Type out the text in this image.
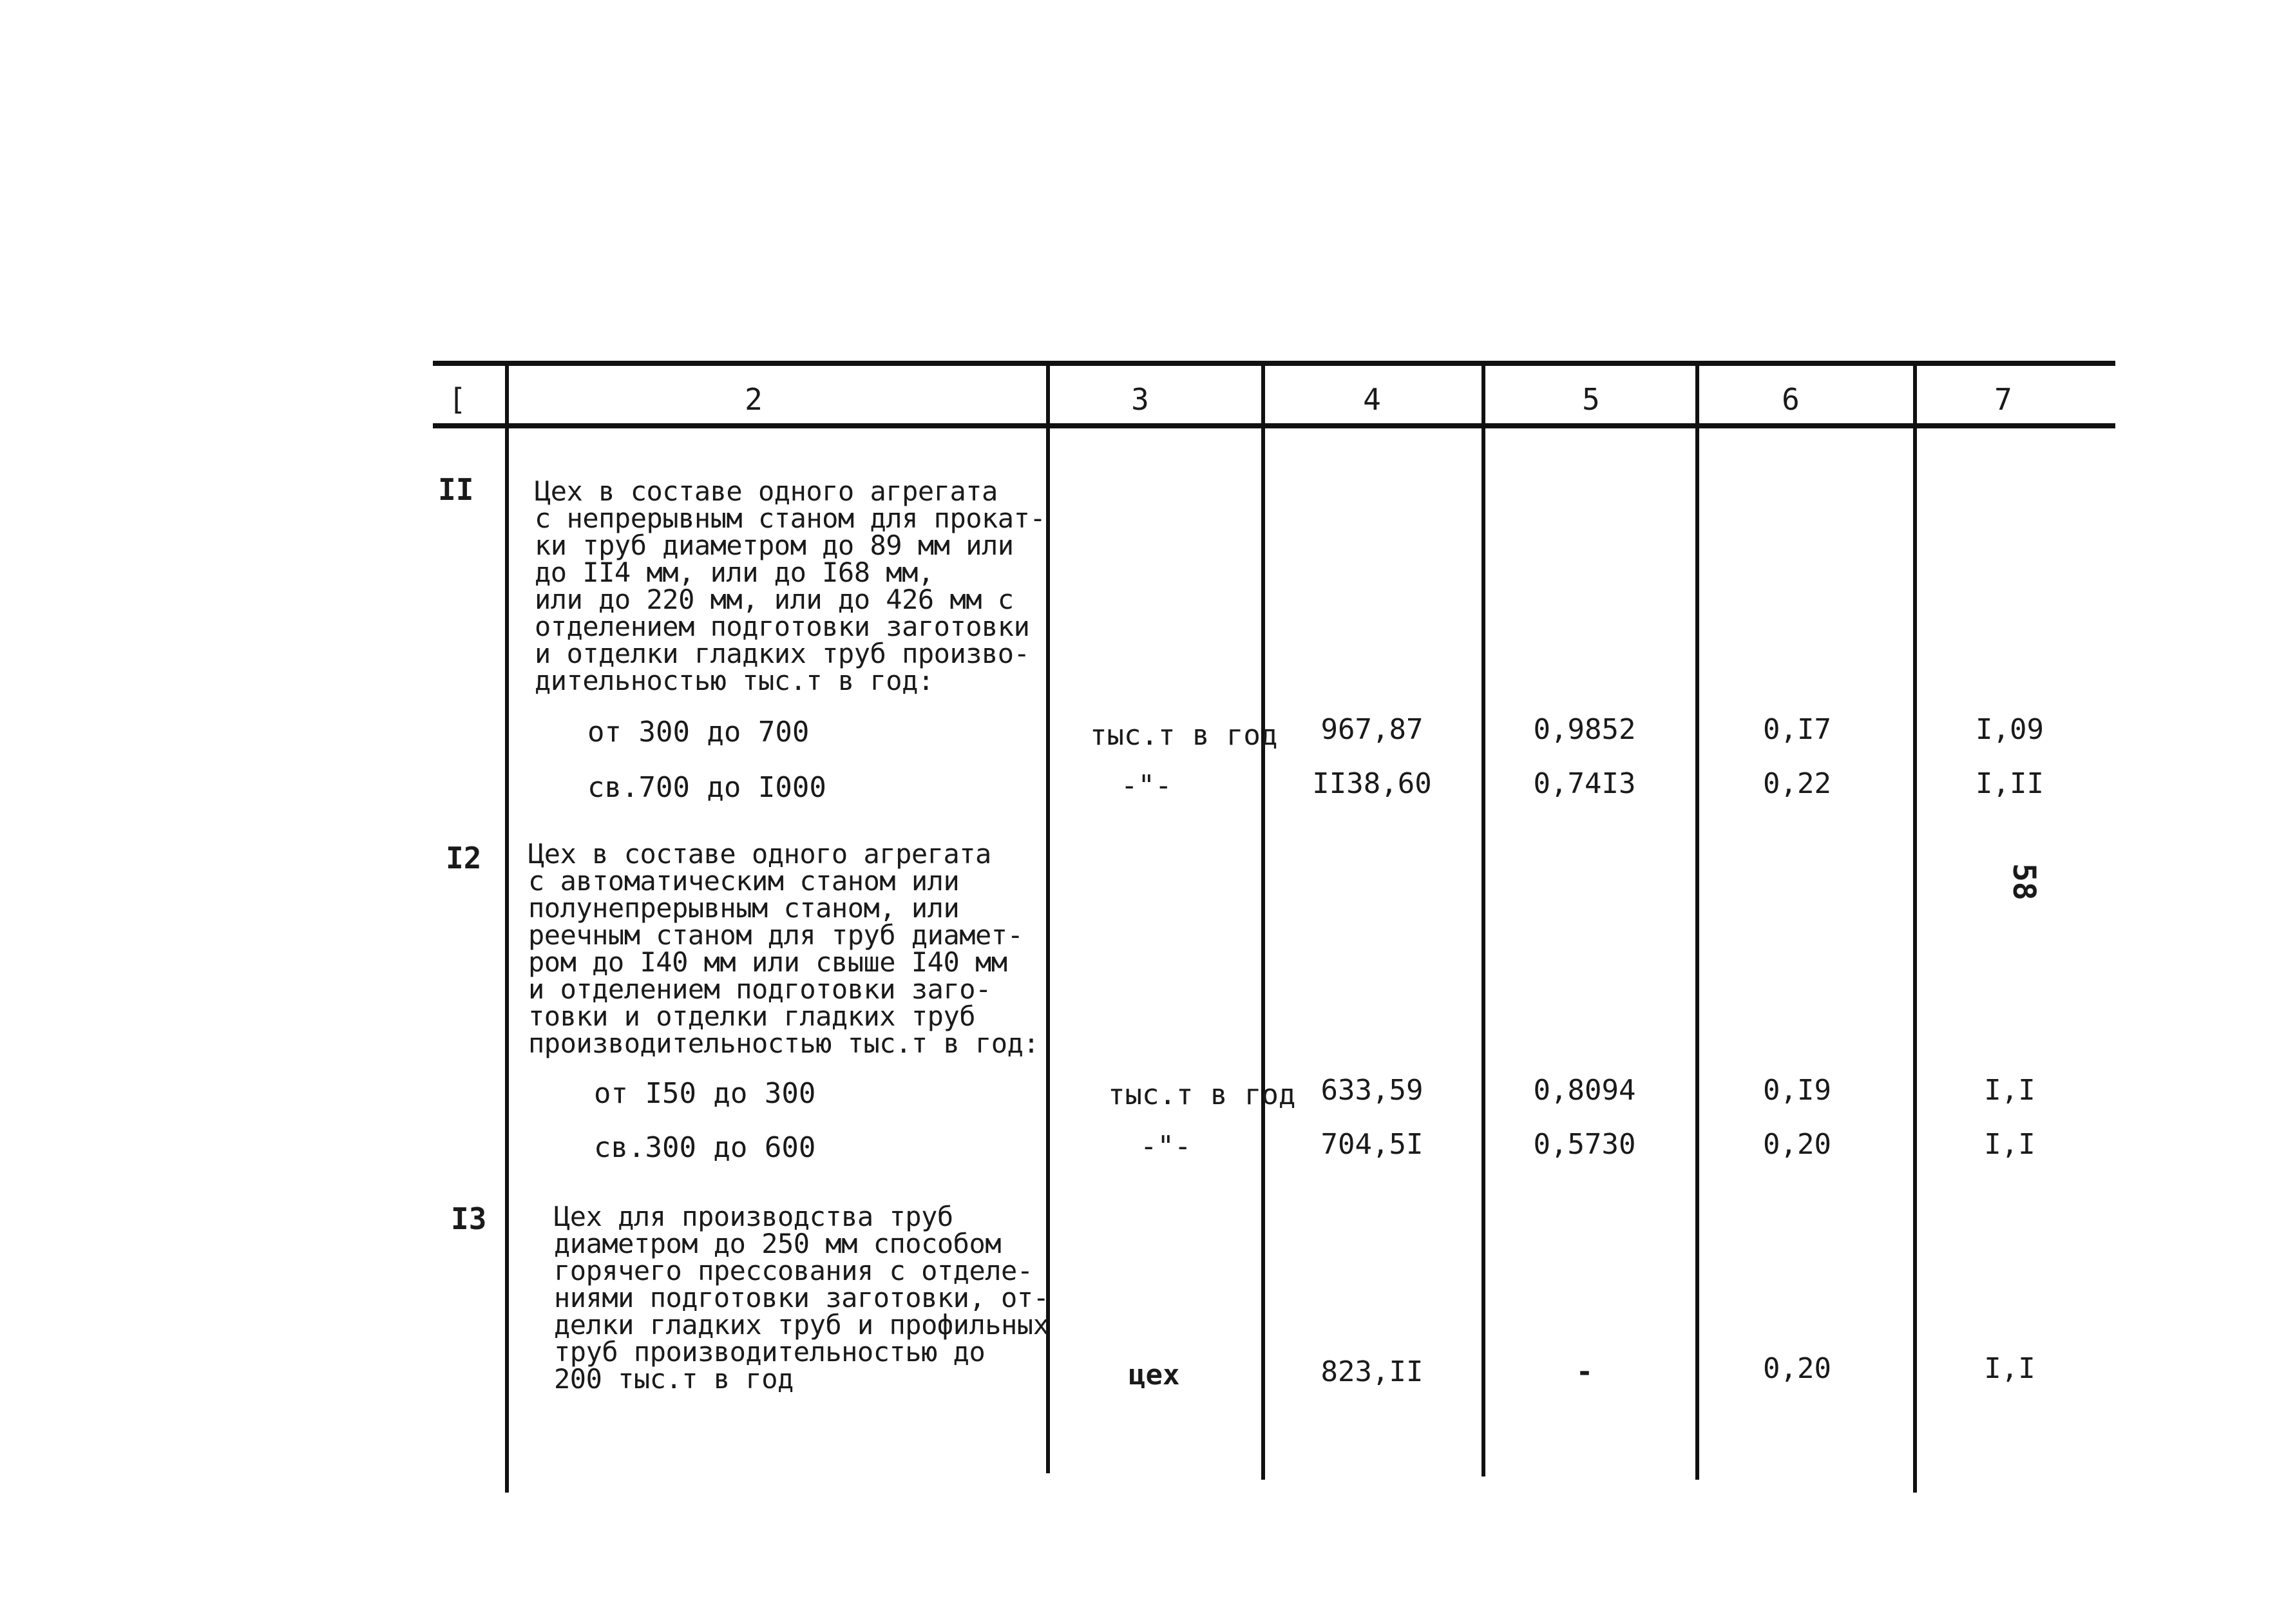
[	2	3	4	5	6	7
II Цех в составе одного агрегата
с непрерывным станом для прокат-
ки труб диаметром до 89 мм или
до II4 мм, или до I68 мм,
или до 220 мм, или до 426 мм с
отделением подготовки заготовки
и отделки гладких труб произво-
дительностью тыс.т в год:
от 300 до 700	тыс.т в год	967,87	0,9852	0,I7	I,09
св.700 до I000	-"-	II38,60	0,74I3	0,22	I,II
I2 Цех в составе одного агрегата
с автоматическим станом или
полунепрерывным станом, или
реечным станом для труб диамет-
ром до I40 мм или свыше I40 мм
и отделением подготовки заго-
товки и отделки гладких труб
производительностью тыс.т в год:
от I50 до 300	тыс.т в год 633,59	0,8094	0,I9	I,I
св.300 до 600	-"-	704,5I	0,5730	0,20	I,I
I3 Цех для производства труб
диаметром до 250 мм способом
горячего прессования с отделе-
ниями подготовки заготовки, от-
делки гладких труб и профильных
труб производительностью до
200 тыс.т в год	цех	823,II	-	0,20	I,I
58
